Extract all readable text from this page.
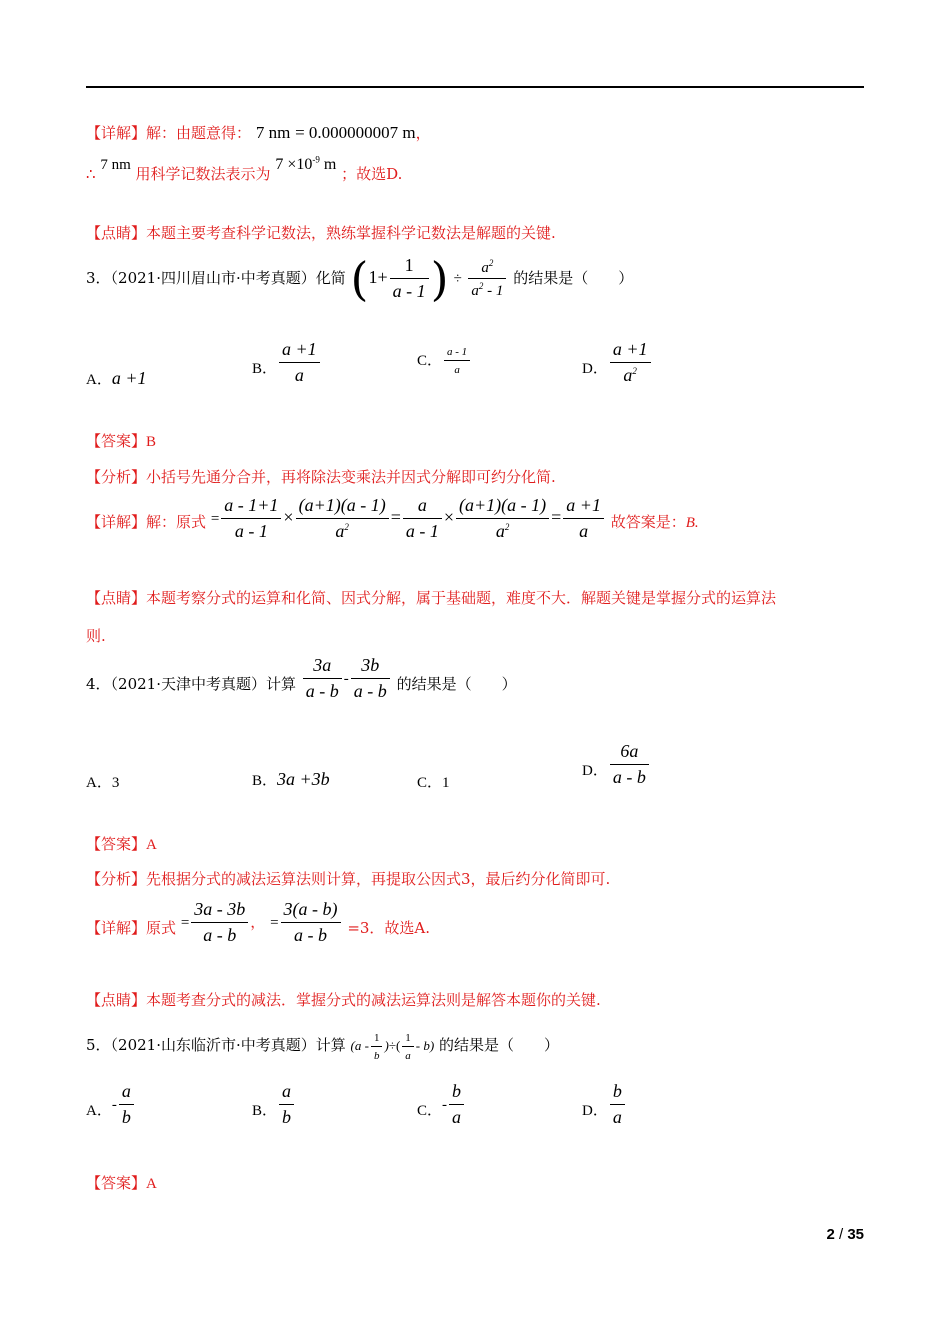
【详解】解：由题意得： 7 nm = 0.000000007 m，
∴ 7 nm 用科学记数法表示为 $7 \times 10^{-9}$ m ；故选D.
【点睛】本题主要考查科学记数法，熟练掌握科学记数法是解题的关键.
3．（2021·四川眉山市·中考真题）化简 ($1+ \frac{1}{a - 1}$ ) ÷ $\frac{a^2}{a^2 - 1}$ 的结果是（　　）
A．a +1	B． $\frac{a +1}{a}$	C． $\frac{a - 1}{a}$	D． $\frac{a +1}{a^2}$
【答案】B
【分析】小括号先通分合并，再将除法变乘法并因式分解即可约分化简.
【详解】解：原式 = $\frac{a - 1+1}{a - 1} \times \frac{(a+1)(a - 1)}{a^2} = \frac{a}{a - 1} \times \frac{(a+1)(a - 1)}{a^2} = \frac{a +1}{a}$ 故答案是：B.
【点睛】本题考察分式的运算和化简、因式分解，属于基础题，难度不大．解题关键是掌握分式的运算法
则.
4．（2021·天津中考真题）计算 $\frac{3a}{a - b} - \frac{3b}{a - b}$ 的结果是（　　）
A．3	B．3a +3b	C．1
D． $\frac{6a}{a - b}$
【答案】A
【分析】先根据分式的减法运算法则计算，再提取公因式3，最后约分化简即可.
【详解】原式 = $\frac{3a - 3b}{a - b}$ ， = $\frac{3(a - b)}{a - b} =3$．故选A.
【点睛】本题考查分式的减法．掌握分式的减法运算法则是解答本题你的关键.
5．（2021·山东临沂市·中考真题）计算 ($a - \frac{1}{b}$ )÷( $\frac{1}{a} - b$) 的结果是（　　）
A．- $\frac{a}{b}$	B． $\frac{a}{b}$	C．- $\frac{b}{a}$	D． $\frac{b}{a}$
【答案】A
2 / 35
